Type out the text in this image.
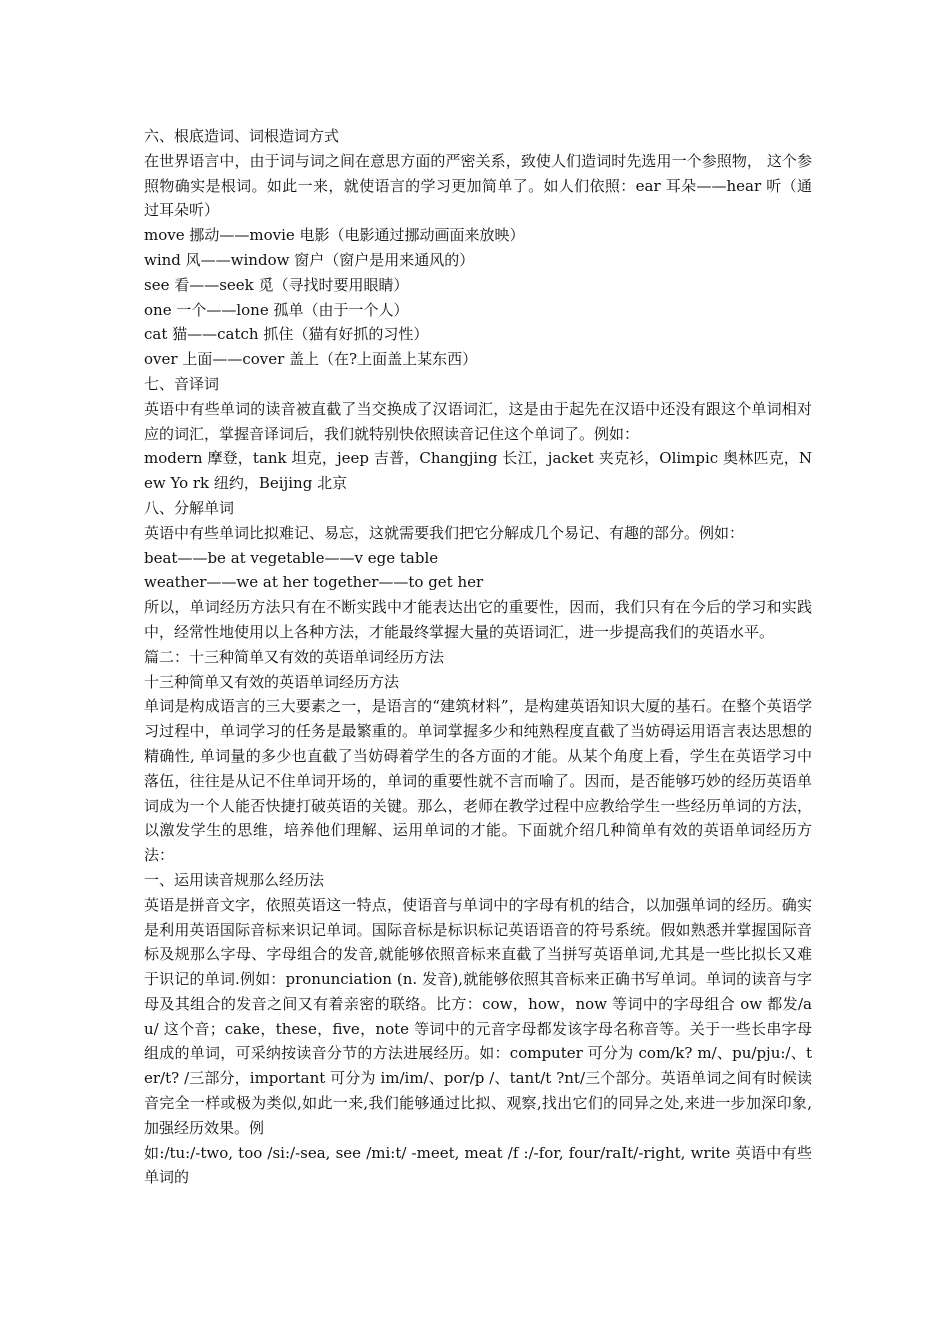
六、根底造词、词根造词方式

在世界语言中，由于词与词之间在意思方面的严密关系，致使人们造词时先选用一个参照物， 这个参照物确实是根词。如此一来，就使语言的学习更加简单了。如人们依照：ear 耳朵——hear 听（通过耳朵听）

move 挪动——movie 电影（电影通过挪动画面来放映）

wind 风——window 窗户（窗户是用来通风的）

see 看——seek 觅（寻找时要用眼睛）

one 一个——lone 孤单（由于一个人）

cat 猫——catch 抓住（猫有好抓的习性）

over 上面——cover 盖上（在?上面盖上某东西）

七、音译词

英语中有些单词的读音被直截了当交换成了汉语词汇，这是由于起先在汉语中还没有跟这个单词相对应的词汇，掌握音译词后，我们就特别快依照读音记住这个单词了。例如：

modern 摩登，tank 坦克，jeep 吉普，Changjing 长江，jacket 夹克衫，Olimpic 奥林匹克，New Yo rk 纽约，Beijing 北京

八、分解单词

英语中有些单词比拟难记、易忘，这就需要我们把它分解成几个易记、有趣的部分。例如：

beat——be at vegetable——v ege table

weather——we at her together——to get her

所以，单词经历方法只有在不断实践中才能表达出它的重要性，因而，我们只有在今后的学习和实践中，经常性地使用以上各种方法，才能最终掌握大量的英语词汇，进一步提高我们的英语水平。

篇二：十三种简单又有效的英语单词经历方法

十三种简单又有效的英语单词经历方法

单词是构成语言的三大要素之一，是语言的“建筑材料”，是构建英语知识大厦的基石。在整个英语学习过程中，单词学习的任务是最繁重的。单词掌握多少和纯熟程度直截了当妨碍运用语言表达思想的精确性, 单词量的多少也直截了当妨碍着学生的各方面的才能。从某个角度上看，学生在英语学习中落伍，往往是从记不住单词开场的，单词的重要性就不言而喻了。因而，是否能够巧妙的经历英语单词成为一个人能否快捷打破英语的关键。那么，老师在教学过程中应教给学生一些经历单词的方法，以激发学生的思维，培养他们理解、运用单词的才能。下面就介绍几种简单有效的英语单词经历方法：

一、运用读音规那么经历法

英语是拼音文字，依照英语这一特点，使语音与单词中的字母有机的结合，以加强单词的经历。确实是利用英语国际音标来识记单词。国际音标是标识标记英语语音的符号系统。假如熟悉并掌握国际音标及规那么字母、字母组合的发音,就能够依照音标来直截了当拼写英语单词,尤其是一些比拟长又难于识记的单词.例如：pronunciation (n. 发音),就能够依照其音标来正确书写单词。单词的读音与字母及其组合的发音之间又有着亲密的联络。比方：cow，how，now 等词中的字母组合 ow 都发/au/ 这个音；cake，these，five，note 等词中的元音字母都发该字母名称音等。关于一些长串字母组成的单词，可采纳按读音分节的方法进展经历。如：computer 可分为 com/k? m/、pu/pju:/、ter/t? /三部分，important 可分为 im/im/、por/p /、tant/t ?nt/三个部分。英语单词之间有时候读音完全一样或极为类似,如此一来,我们能够通过比拟、观察,找出它们的同异之处,来进一步加深印象,加强经历效果。例

如:/tu:/-two, too /si:/-sea, see /mi:t/ -meet, meat /f :/-for, four/raIt/-right, write 英语中有些单词的
